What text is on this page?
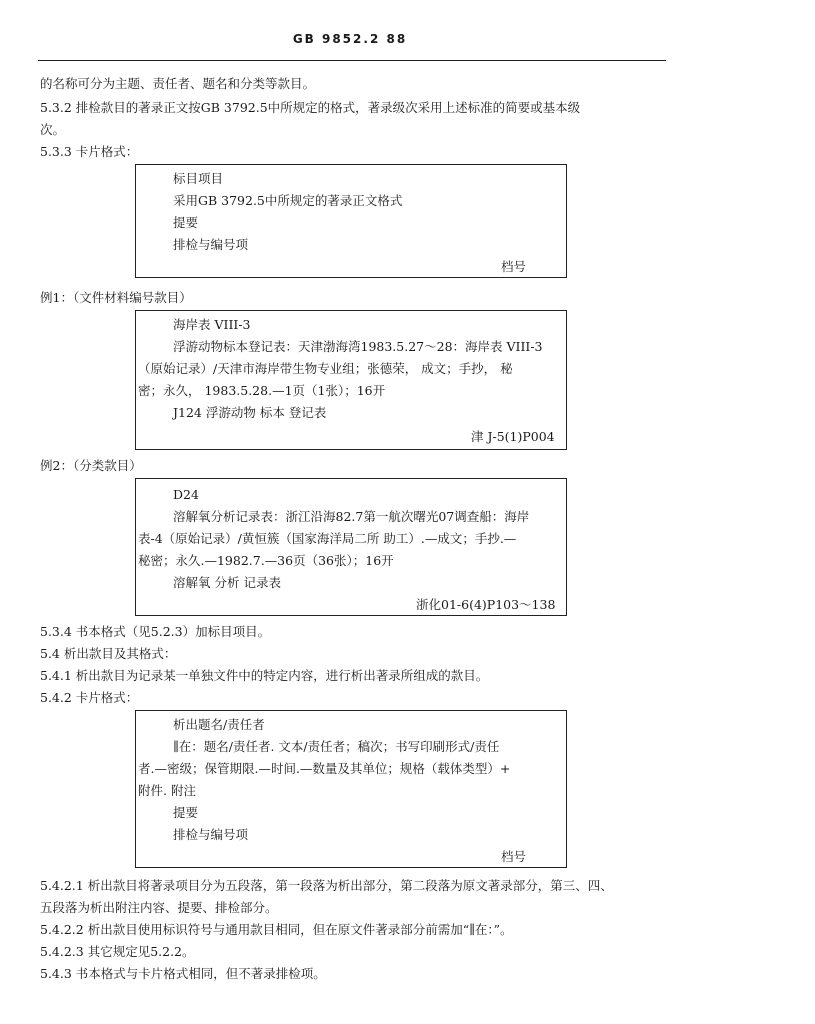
GB 9852.2 88
的名称可分为主题、责任者、题名和分类等款目。
5.3.2 排检款目的著录正文按GB 3792.5中所规定的格式，著录级次采用上述标准的简要或基本级
次。
5.3.3 卡片格式：
标目项目
采用GB 3792.5中所规定的著录正文格式
提要
排检与编号项
档号
例1：（文件材料编号款目）
海岸表 VIII-3
浮游动物标本登记表：天津渤海湾1983.5.27～28：海岸表 VIII-3
（原始记录）/天津市海岸带生物专业组；张德荣， 成文；手抄， 秘
密；永久， 1983.5.28.—1页（1张）；16开
J124 浮游动物 标本 登记表
津 J-5(1)P004
例2：（分类款目）
D24
溶解氧分析记录表：浙江沿海82.7第一航次曙光07调查船：海岸
表-4（原始记录）/黄恒簇（国家海洋局二所 助工）.—成文；手抄.—
秘密；永久.—1982.7.—36页（36张）；16开
溶解氧 分析 记录表
浙化01-6(4)P103～138
5.3.4 书本格式（见5.2.3）加标目项目。
5.4 析出款目及其格式：
5.4.1 析出款目为记录某一单独文件中的特定内容，进行析出著录所组成的款目。
5.4.2 卡片格式：
析出题名/责任者
∥在：题名/责任者. 文本/责任者；稿次；书写印刷形式/责任
者.—密级；保管期限.—时间.—数量及其单位；规格（载体类型）+
附件. 附注
提要
排检与编号项
档号
5.4.2.1 析出款目将著录项目分为五段落，第一段落为析出部分，第二段落为原文著录部分，第三、四、
五段落为析出附注内容、提要、排检部分。
5.4.2.2 析出款目使用标识符号与通用款目相同，但在原文件著录部分前需加“∥在：”。
5.4.2.3 其它规定见5.2.2。
5.4.3 书本格式与卡片格式相同，但不著录排检项。
